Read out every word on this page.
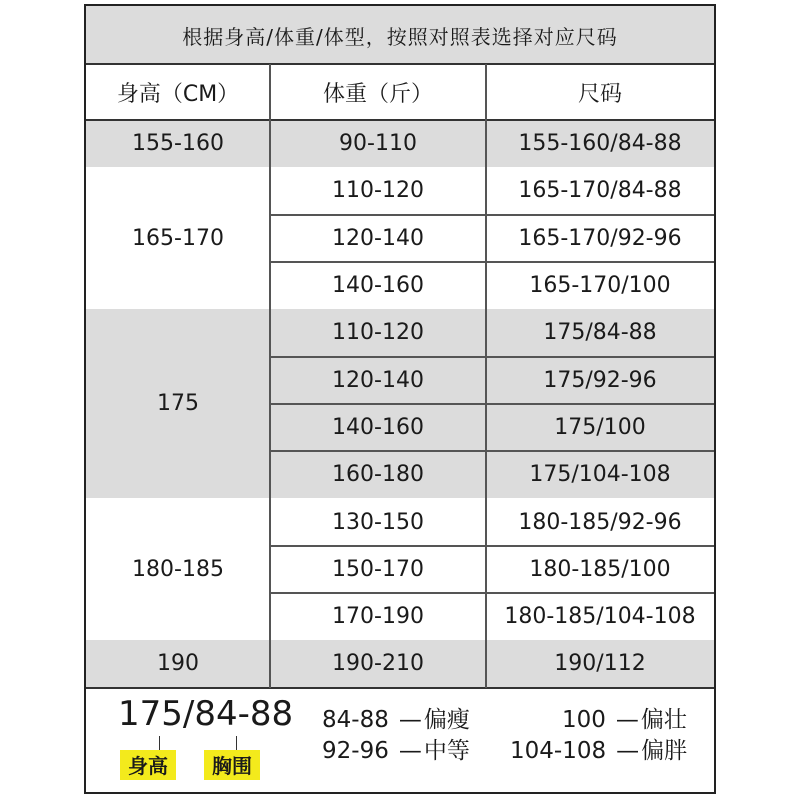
根据身高/体重/体型，按照对照表选择对应尺码
身高（CM）	体重（斤）	尺码
155-160	90-110	155-160/84-88
165-170
110-120	165-170/84-88
120-140	165-170/92-96
140-160	165-170/100
175
110-120	175/84-88
120-140	175/92-96
140-160	175/100
160-180	175/104-108
180-185
130-150	180-185/92-96
150-170	180-185/100
170-190	180-185/104-108
190	190-210	190/112
175/84-88
身高	胸围
84-88 —偏瘦
92-96 —中等
100 —偏壮
104-108 —偏胖
